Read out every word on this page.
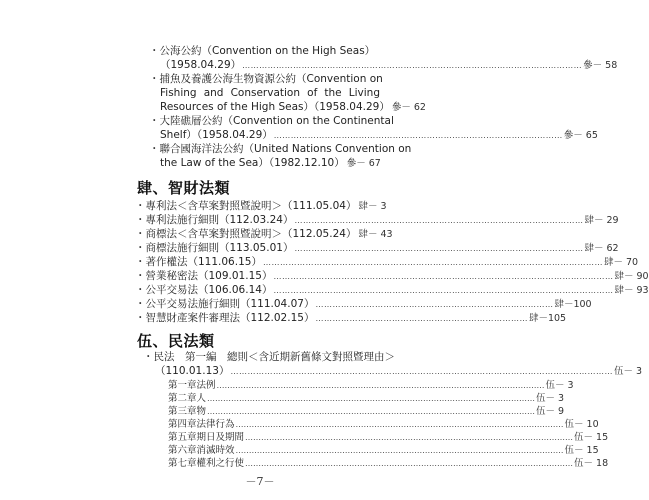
・公海公約（Convention on the High Seas）
（1958.04.29） ………………………………………………………………………………………………………… 參－ 58
・捕魚及養護公海生物資源公約（Convention on
Fishing and Conservation of the Living
Resources of the High Seas）（1958.04.29） 參－ 62
・大陸礁層公約（Convention on the Continental
Shelf）（1958.04.29） ………………………………………………………………………………………… 參－ 65
・聯合國海洋法公約（United Nations Convention on
the Law of the Sea）（1982.12.10） 參－ 67
肆、智財法類
・專利法＜含草案對照暨說明＞（111.05.04） 肆－ 3
・專利法施行細則（112.03.24） ………………………………………………………………………………………… 肆－ 29
・商標法＜含草案對照暨說明＞（112.05.24） 肆－ 43
・商標法施行細則（113.05.01） ………………………………………………………………………………………… 肆－ 62
・著作權法（111.06.15） ………………………………………………………………………………………………………… 肆－ 70
・營業秘密法（109.01.15） ………………………………………………………………………………………………………… 肆－ 90
・公平交易法（106.06.14） ………………………………………………………………………………………………………… 肆－ 93
・公平交易法施行細則（111.04.07） ………………………………………………………………………… 肆－100
・智慧財產案件審理法（112.02.15） ………………………………………………………………… 肆－105
伍、民法類
・民法　第一編　總則＜含近期新舊條文對照暨理由＞
（110.01.13） ……………………………………………………………………………………………………………………… 伍－ 3
第一章 法例 …………………………………………………………………………………………………………… 伍－ 3
第二章 人 …………………………………………………………………………………………………………… 伍－ 3
第三章 物 …………………………………………………………………………………………………………… 伍－ 9
第四章 法律行為 …………………………………………………………………………………………………………… 伍－ 10
第五章 期日及期間 …………………………………………………………………………………………………………… 伍－ 15
第六章 消滅時效 …………………………………………………………………………………………………………… 伍－ 15
第七章 權利之行使 …………………………………………………………………………………………………………… 伍－ 18
－7－
